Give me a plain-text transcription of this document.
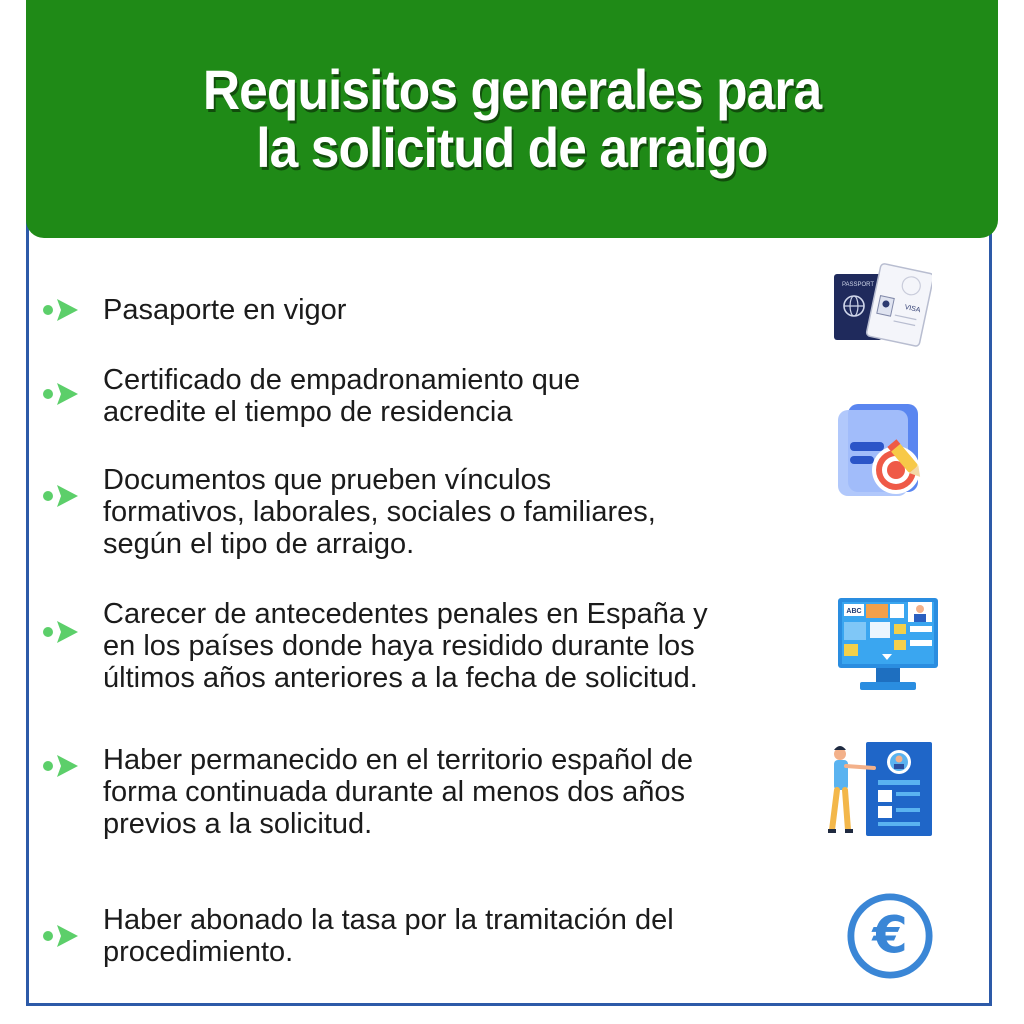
Requisitos generales para
la solicitud de arraigo
Pasaporte en vigor
Certificado de empadronamiento que
acredite el tiempo de residencia
Documentos que prueben vínculos
formativos, laborales, sociales o familiares,
según el tipo de arraigo.
Carecer de antecedentes penales en España y
en los países donde haya residido durante los
últimos años anteriores a la fecha de solicitud.
Haber permanecido en el territorio español de
forma continuada durante al menos dos años
previos a la solicitud.
Haber abonado la tasa por la tramitación del
procedimiento.
PASSPORT
VISA
ABC
€
